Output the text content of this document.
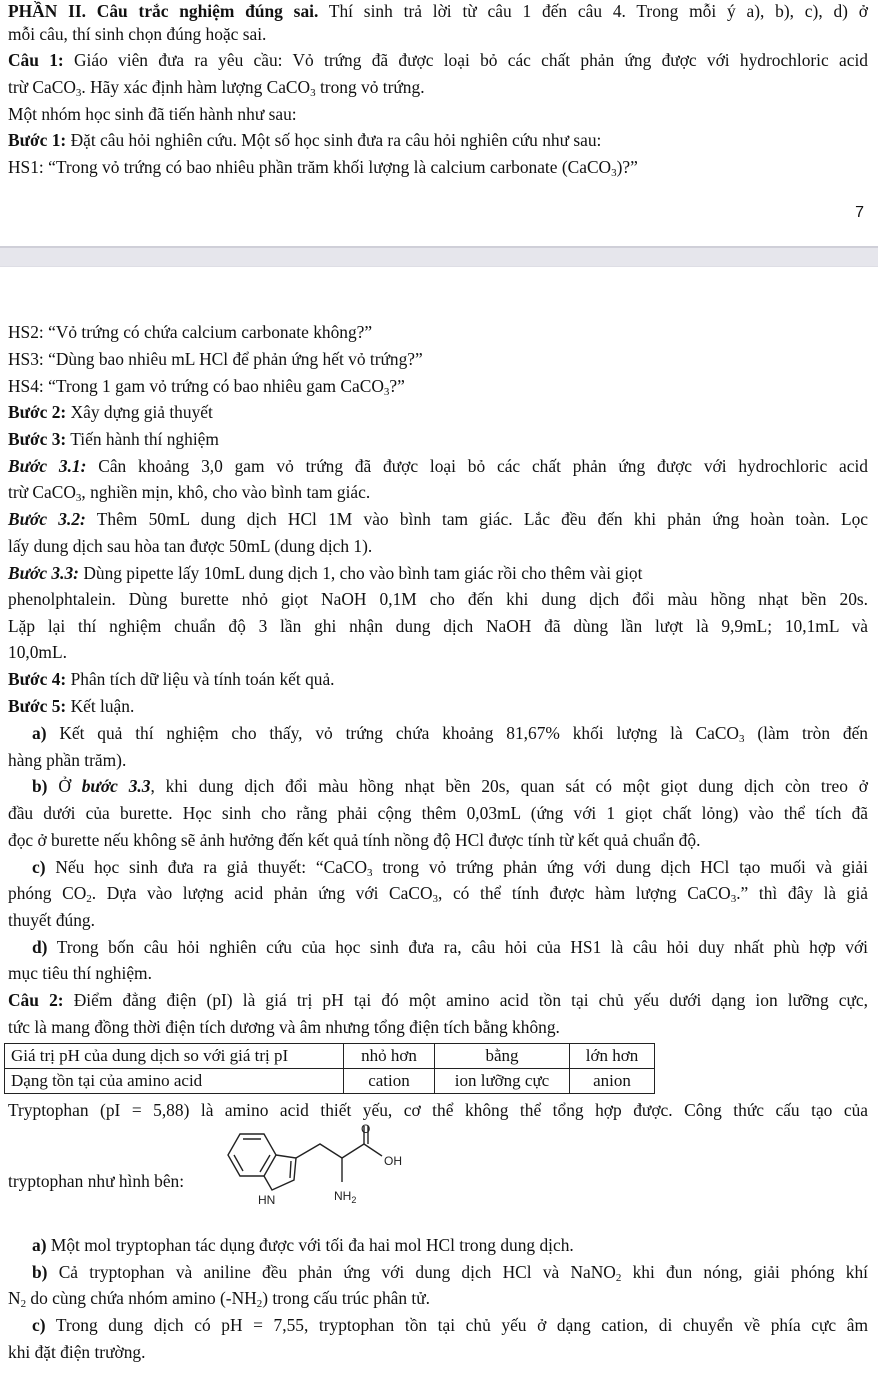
PHẦN II. Câu trắc nghiệm đúng sai. Thí sinh trả lời từ câu 1 đến câu 4. Trong mỗi ý a), b), c), d) ở
mỗi câu, thí sinh chọn đúng hoặc sai.
Câu 1: Giáo viên đưa ra yêu cầu: Vỏ trứng đã được loại bỏ các chất phản ứng được với hydrochloric acid
trừ CaCO$_3$. Hãy xác định hàm lượng CaCO$_3$ trong vỏ trứng.
Một nhóm học sinh đã tiến hành như sau:
Bước 1: Đặt câu hỏi nghiên cứu. Một số học sinh đưa ra câu hỏi nghiên cứu như sau:
HS1: “Trong vỏ trứng có bao nhiêu phần trăm khối lượng là calcium carbonate (CaCO$_3$)?”
7
HS2: “Vỏ trứng có chứa calcium carbonate không?”
HS3: “Dùng bao nhiêu mL HCl để phản ứng hết vỏ trứng?”
HS4: “Trong 1 gam vỏ trứng có bao nhiêu gam CaCO$_3$?”
Bước 2: Xây dựng giả thuyết
Bước 3: Tiến hành thí nghiệm
Bước 3.1: Cân khoảng 3,0 gam vỏ trứng đã được loại bỏ các chất phản ứng được với hydrochloric acid
trừ CaCO$_3$, nghiền mịn, khô, cho vào bình tam giác.
Bước 3.2: Thêm 50mL dung dịch HCl 1M vào bình tam giác. Lắc đều đến khi phản ứng hoàn toàn. Lọc
lấy dung dịch sau hòa tan được 50mL (dung dịch 1).
Bước 3.3: Dùng pipette lấy 10mL dung dịch 1, cho vào bình tam giác rồi cho thêm vài giọt
phenolphtalein. Dùng burette nhỏ giọt NaOH 0,1M cho đến khi dung dịch đổi màu hồng nhạt bền 20s.
Lặp lại thí nghiệm chuẩn độ 3 lần ghi nhận dung dịch NaOH đã dùng lần lượt là 9,9mL; 10,1mL và
10,0mL.
Bước 4: Phân tích dữ liệu và tính toán kết quả.
Bước 5: Kết luận.
a) Kết quả thí nghiệm cho thấy, vỏ trứng chứa khoảng 81,67% khối lượng là CaCO$_3$ (làm tròn đến
hàng phần trăm).
b) Ở bước 3.3, khi dung dịch đổi màu hồng nhạt bền 20s, quan sát có một giọt dung dịch còn treo ở
đầu dưới của burette. Học sinh cho rằng phải cộng thêm 0,03mL (ứng với 1 giọt chất lỏng) vào thể tích đã
đọc ở burette nếu không sẽ ảnh hưởng đến kết quả tính nồng độ HCl được tính từ kết quả chuẩn độ.
c) Nếu học sinh đưa ra giả thuyết: “CaCO$_3$ trong vỏ trứng phản ứng với dung dịch HCl tạo muối và giải
phóng $CO_2$. Dựa vào lượng acid phản ứng với CaCO$_3$, có thể tính được hàm lượng CaCO$_3$.” thì đây là giả
thuyết đúng.
d) Trong bốn câu hỏi nghiên cứu của học sinh đưa ra, câu hỏi của HS1 là câu hỏi duy nhất phù hợp với
mục tiêu thí nghiệm.
Câu 2: Điểm đẳng điện (pI) là giá trị pH tại đó một amino acid tồn tại chủ yếu dưới dạng ion lưỡng cực,
tức là mang đồng thời điện tích dương và âm nhưng tổng điện tích bằng không.
Giá trị pH của dung dịch so với giá trị pI	nhỏ hơn	bằng	lớn hơn
Dạng tồn tại của amino acid	cation	ion lưỡng cực	anion
Tryptophan (pI = 5,88) là amino acid thiết yếu, cơ thể không thể tổng hợp được. Công thức cấu tạo của
tryptophan như hình bên:
O
OH
HN	$NH_2$
a) Một mol tryptophan tác dụng được với tối đa hai mol HCl trong dung dịch.
b) Cả tryptophan và aniline đều phản ứng với dung dịch HCl và NaNO$_2$ khi đun nóng, giải phóng khí
$N_2$ do cùng chứa nhóm amino $(-NH_2)$ trong cấu trúc phân tử.
c) Trong dung dịch có pH = 7,55, tryptophan tồn tại chủ yếu ở dạng cation, di chuyển về phía cực âm
khi đặt điện trường.
